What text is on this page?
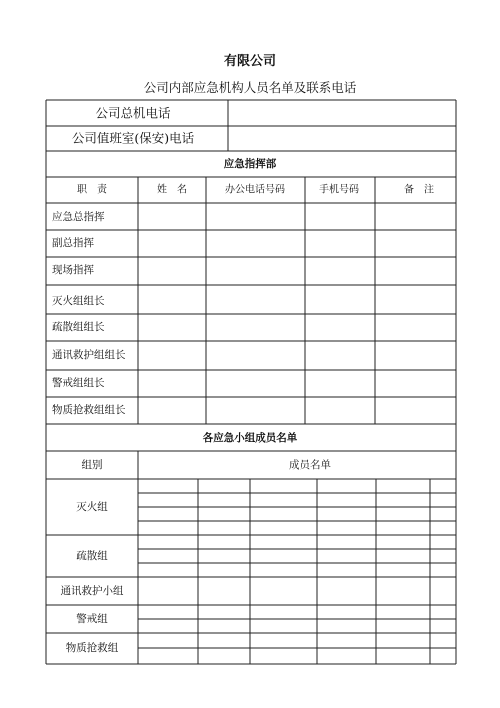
有限公司
公司内部应急机构人员名单及联系电话
公司总机电话
公司值班室(保安)电话
应急指挥部
各应急小组成员名单
职　责	姓　名	办公电话号码	手机号码	备　注
应急总指挥
副总指挥
现场指挥
灭火组组长
疏散组组长
通讯救护组组长
警戒组组长
物质抢救组组长
组别	成员名单
灭火组
疏散组
通讯救护小组
警戒组
物质抢救组
